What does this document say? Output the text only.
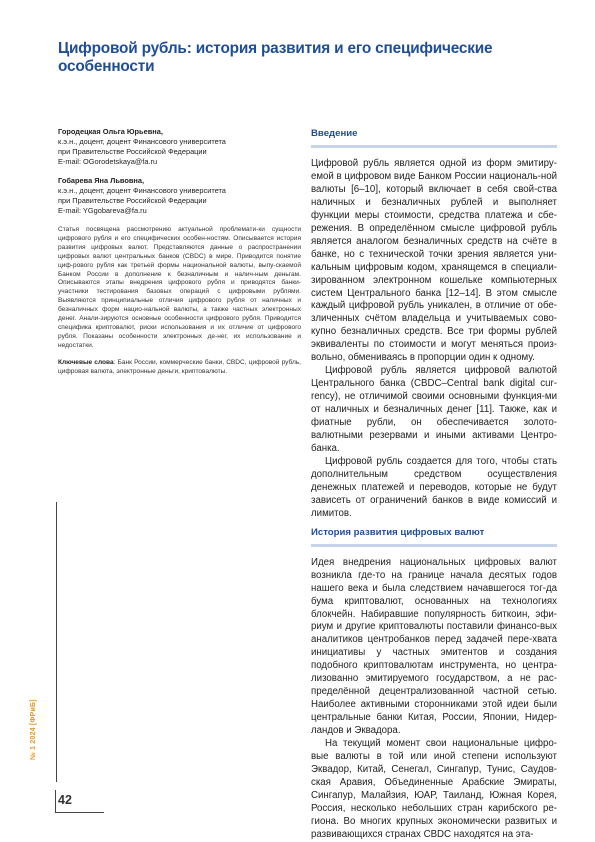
Цифровой рубль: история развития и его специфические особенности
Городецкая Ольга Юрьевна,
к.э.н., доцент, доцент Финансового университета
при Правительстве Российской Федерации
E-mail: OGorodetskaya@fa.ru
Гобарева Яна Львовна,
к.э.н., доцент, доцент Финансового университета
при Правительстве Российской Федерации
E-mail: YGgobareva@fa.ru
Статья посвящена рассмотрению актуальной проблемати-ки сущности цифрового рубля и его специфических особен-ностям. Описывается история развития цифровых валют. Представляются данные о распространении цифровых валют центральных банков (CBDC) в мире. Приводится понятие циф-рового рубля как третьей формы национальной валюты, выпу-скаемой Банком России в дополнение к безналичным и налич-ным деньгам. Описываются этапы внедрения цифрового рубля и приводятся банки-участники тестирования базовых операций с цифровыми рублями. Выявляются принципиальные отличия цифрового рубля от наличных и безналичных форм нацио-нальной валюты, а также частных электронных денег. Анали-зируются основные особенности цифрового рубля. Приводится специфика криптовалют, риски использования и их отличие от цифрового рубля. Показаны особенности электронных де-нег, их использование и недостатки.
Ключевые слова: Банк России, коммерческие банки, CBDC, цифровой рубль, цифровая валюта, электронные деньги, криптовалюты.
Введение

Цифровой рубль является одной из форм эмитиру-емой в цифровом виде Банком России националь-ной валюты [6–10], который включает в себя свой-ства наличных и безналичных рублей и выполняет функции меры стоимости, средства платежа и сбе-режения. В определённом смысле цифровой рубль является аналогом безналичных средств на счёте в банке, но с технической точки зрения является уни-кальным цифровым кодом, хранящемся в специали-зированном электронном кошельке компьютерных систем Центрального банка [12–14]. В этом смысле каждый цифровой рубль уникален, в отличие от обе-зличенных счётом владельца и учитываемых сово-купно безналичных средств. Все три формы рублей эквиваленты по стоимости и могут меняться произ-вольно, обмениваясь в пропорции один к одному.

Цифровой рубль является цифровой валютой Центрального банка (CBDC–Central bank digital cur-rency), не отличимой своими основными функция-ми от наличных и безналичных денег [11]. Также, как и фиатные рубли, он обеспечивается золото-валютными резервами и иными активами Центро-банка.

Цифровой рубль создается для того, чтобы стать дополнительным средством осуществления денежных платежей и переводов, которые не будут зависеть от ограничений банков в виде комиссий и лимитов.

История развития цифровых валют

Идея внедрения национальных цифровых валют возникла где-то на границе начала десятых годов нашего века и была следствием начавшегося тог-да бума криптовалют, основанных на технологиях блокчейн. Набиравшие популярность биткоин, эфи-риум и другие криптовалюты поставили финансо-вых аналитиков центробанков перед задачей пере-хвата инициативы у частных эмитентов и создания подобного криптовалютам инструмента, но центра-лизованно эмитируемого государством, а не рас-пределённой децентрализованной частной сетью. Наиболее активными сторонниками этой идеи были центральные банки Китая, России, Японии, Нидер-ландов и Эквадора.

На текущий момент свои национальные цифро-вые валюты в той или иной степени используют Эквадор, Китай, Сенегал, Сингапур, Тунис, Саудов-ская Аравия, Объединенные Арабские Эмираты, Сингапур, Малайзия, ЮАР, Таиланд, Южная Корея, Россия, несколько небольших стран карибского ре-гиона. Во многих крупных экономически развитых и развивающихся странах CBDC находятся на эта-

№ 1 2024 [ФРиБ]
42
